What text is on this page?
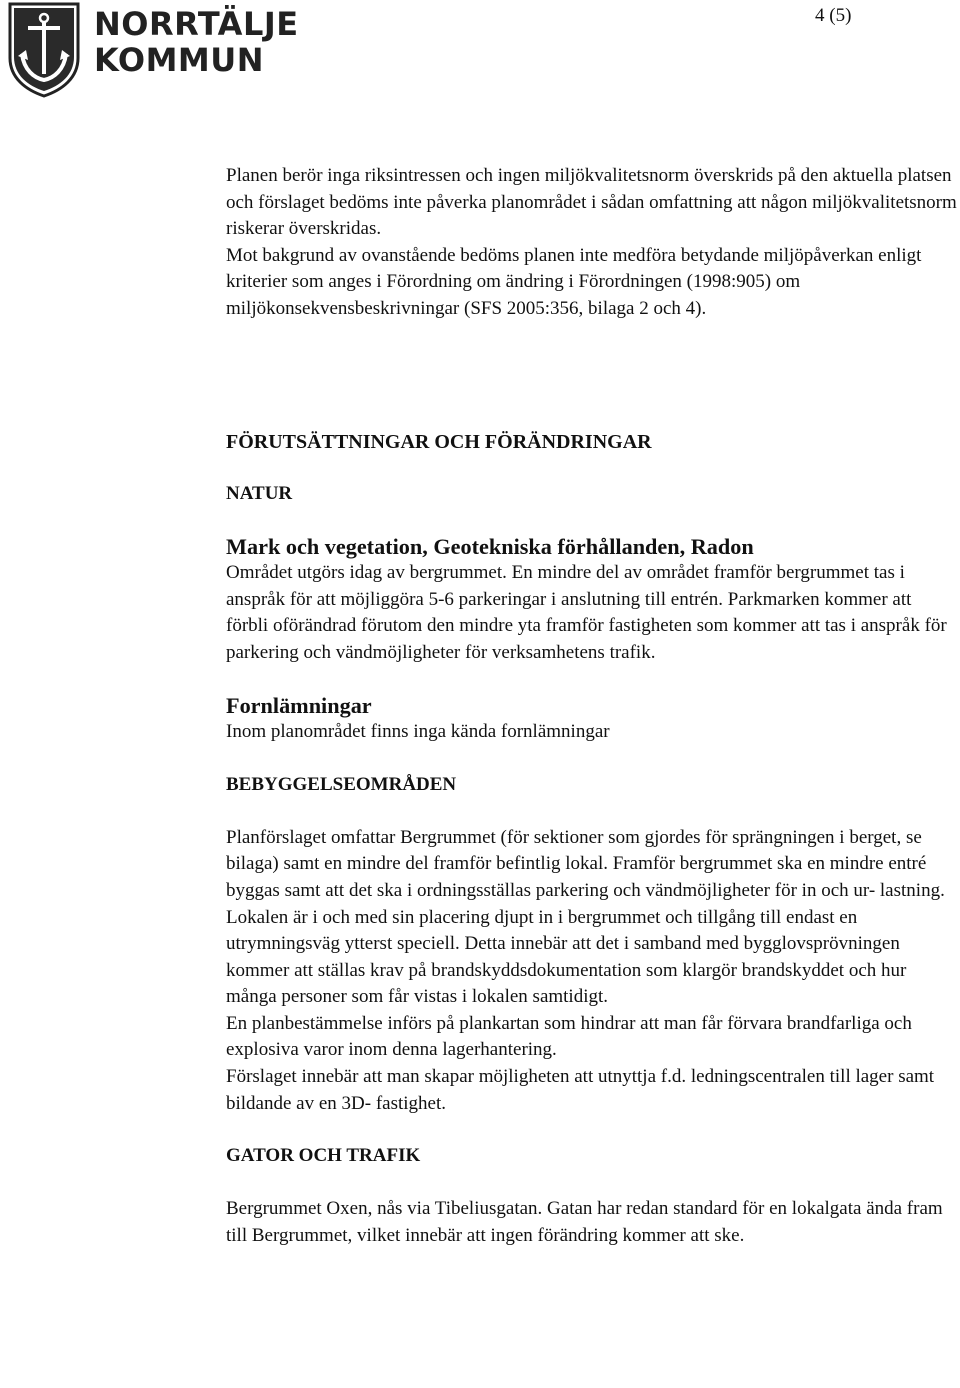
NORRTÄLJE
KOMMUN
4 (5)

Planen berör inga riksintressen och ingen miljökvalitetsnorm överskrids på den aktuella platsen och förslaget bedöms inte påverka planområdet i sådan omfattning att någon miljökvalitetsnorm riskerar överskridas.

Mot bakgrund av ovanstående bedöms planen inte medföra betydande miljöpåverkan enligt kriterier som anges i Förordning om ändring i Förordningen (1998:905) om miljökonsekvensbeskrivningar (SFS 2005:356, bilaga 2 och 4).

FÖRUTSÄTTNINGAR OCH FÖRÄNDRINGAR
NATUR
Mark och vegetation, Geotekniska förhållanden, Radon

Området utgörs idag av bergrummet. En mindre del av området framför bergrummet tas i anspråk för att möjliggöra 5-6 parkeringar i anslutning till entrén. Parkmarken kommer att förbli oförändrad förutom den mindre yta framför fastigheten som kommer att tas i anspråk för parkering och vändmöjligheter för verksamhetens trafik.

Fornlämningar

Inom planområdet finns inga kända fornlämningar

BEBYGGELSEOMRÅDEN

Planförslaget omfattar Bergrummet (för sektioner som gjordes för sprängningen i berget, se bilaga) samt en mindre del framför befintlig lokal. Framför bergrummet ska en mindre entré byggas samt att det ska i ordningsställas parkering och vändmöjligheter för in och ur- lastning. Lokalen är i och med sin placering djupt in i bergrummet och tillgång till endast en utrymningsväg ytterst speciell. Detta innebär att det i samband med bygglovsprövningen kommer att ställas krav på brandskyddsdokumentation som klargör brandskyddet och hur många personer som får vistas i lokalen samtidigt.

En planbestämmelse införs på plankartan som hindrar att man får förvara brandfarliga och explosiva varor inom denna lagerhantering.

Förslaget innebär att man skapar möjligheten att utnyttja f.d. ledningscentralen till lager samt bildande av en 3D- fastighet.

GATOR OCH TRAFIK

Bergrummet Oxen, nås via Tibeliusgatan. Gatan har redan standard för en lokalgata ända fram till Bergrummet, vilket innebär att ingen förändring kommer att ske.
